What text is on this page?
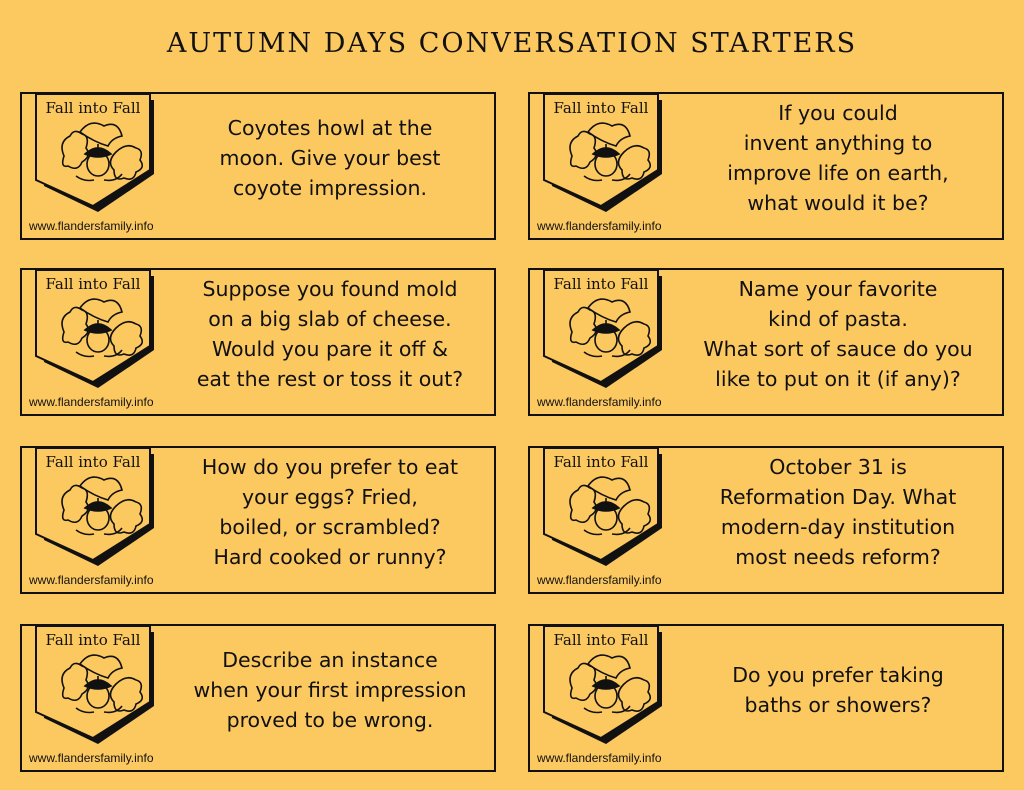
AUTUMN DAYS CONVERSATION STARTERS
Fall into Fall
Coyotes howl at the
moon. Give your best
coyote impression.
www.flandersfamily.info
Fall into Fall	If you could
invent anything to
improve life on earth,
what would it be?
www.flandersfamily.info
Fall into Fall	Suppose you found mold
on a big slab of cheese.
Would you pare it off &
eat the rest or toss it out?
www.flandersfamily.info
Fall into Fall	Name your favorite
kind of pasta.
What sort of sauce do you
like to put on it (if any)?
www.flandersfamily.info
Fall into Fall	How do you prefer to eat
your eggs? Fried,
boiled, or scrambled?
Hard cooked or runny?
www.flandersfamily.info
Fall into Fall	October 31 is
Reformation Day. What
modern-day institution
most needs reform?
www.flandersfamily.info
Fall into Fall
Describe an instance
when your first impression
proved to be wrong.
www.flandersfamily.info
Fall into Fall
Do you prefer taking
baths or showers?
www.flandersfamily.info
